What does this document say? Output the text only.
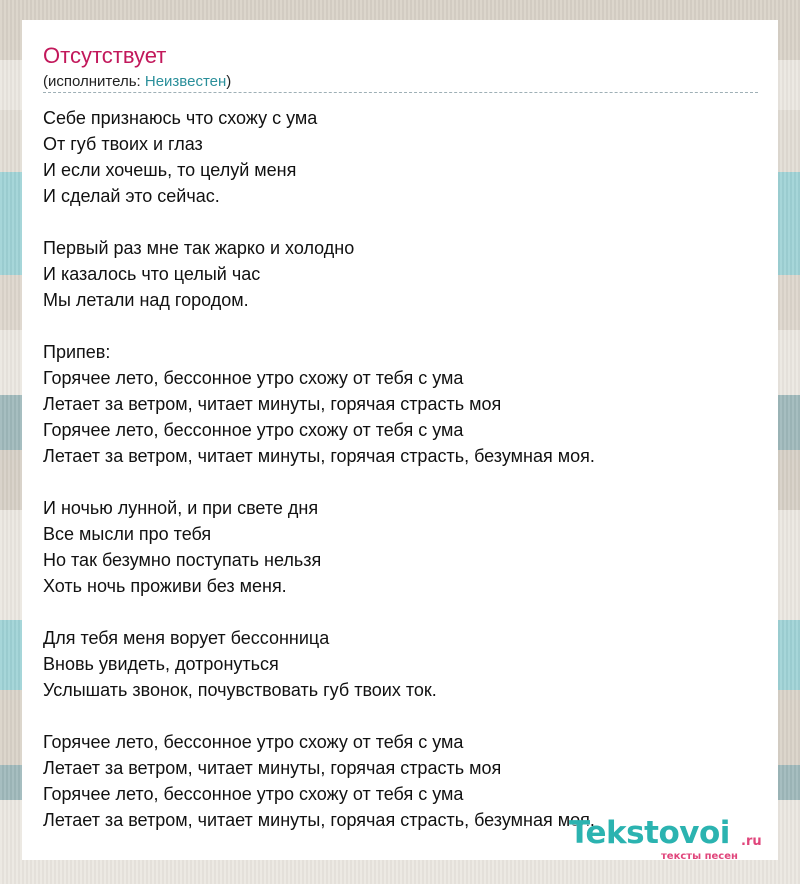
Отсутствует
(исполнитель: Неизвестен)
Себе признаюсь что схожу с ума
От губ твоих и глаз
И если хочешь, то целуй меня
И сделай это сейчас.
Первый раз мне так жарко и холодно
И казалось что целый час
Мы летали над городом.
Припев:
Горячее лето, бессонное утро схожу от тебя с ума
Летает за ветром, читает минуты, горячая страсть моя
Горячее лето, бессонное утро схожу от тебя с ума
Летает за ветром, читает минуты, горячая страсть, безумная моя.
И ночью лунной, и при свете дня
Все мысли про тебя
Но так безумно поступать нельзя
Хоть ночь проживи без меня.
Для тебя меня ворует бессонница
Вновь увидеть, дотронуться
Услышать звонок, почувствовать губ твоих ток.
Горячее лето, бессонное утро схожу от тебя с ума
Летает за ветром, читает минуты, горячая страсть моя
Горячее лето, бессонное утро схожу от тебя с ума
Летает за ветром, читает минуты, горячая страсть, безумная моя.
Tekstovoi .ru
тексты песен
